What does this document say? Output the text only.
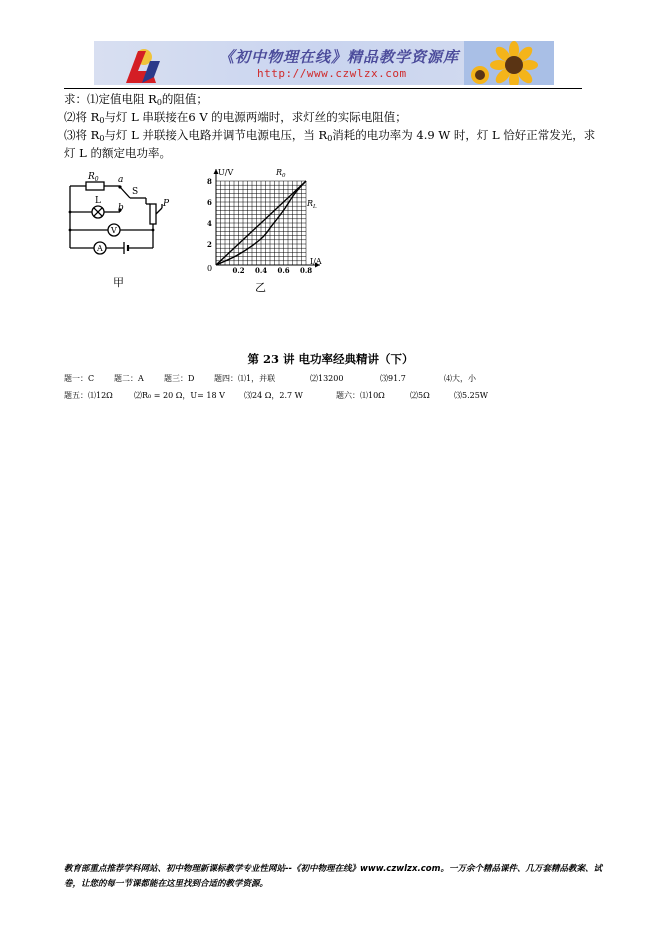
《初中物理在线》精品教学资源库
http://www.czwlzx.com
求：⑴定值电阻 $R_0$的阻值；
⑵将 $R_0$与灯 L 串联接在6 V 的电源两端时，求灯丝的实际电阻值；
⑶将 $R_0$与灯 L 并联接入电路并调节电源电压，当 $R_0$消耗的电功率为 4.9 W 时，灯 L 恰好正常发光，求
灯 L 的额定电功率。
$R_0$ a
S
L
b	P
V
A
甲
0.2 0.4 0.6 0.8
2
4
6
8
U/V
I/A
0
$R_0$
$R_L$
乙
第 23 讲 电功率经典精讲（下）
题一：C 题二：A	题三：D 题四：⑴1，并联	⑵13200	⑶91.7	⑷大，小
题五：⑴12Ω	⑵R₀ = 20 Ω，U= 18 V ⑶24 Ω，2.7 W	题六：⑴10Ω	⑵5Ω	⑶5.25W
教育部重点推荐学科网站、初中物理新课标教学专业性网站--《初中物理在线》www.czwlzx.com。一万余个精品课件、几万套精品教案、试卷，让您的每一节课都能在这里找到合适的教学资源。
